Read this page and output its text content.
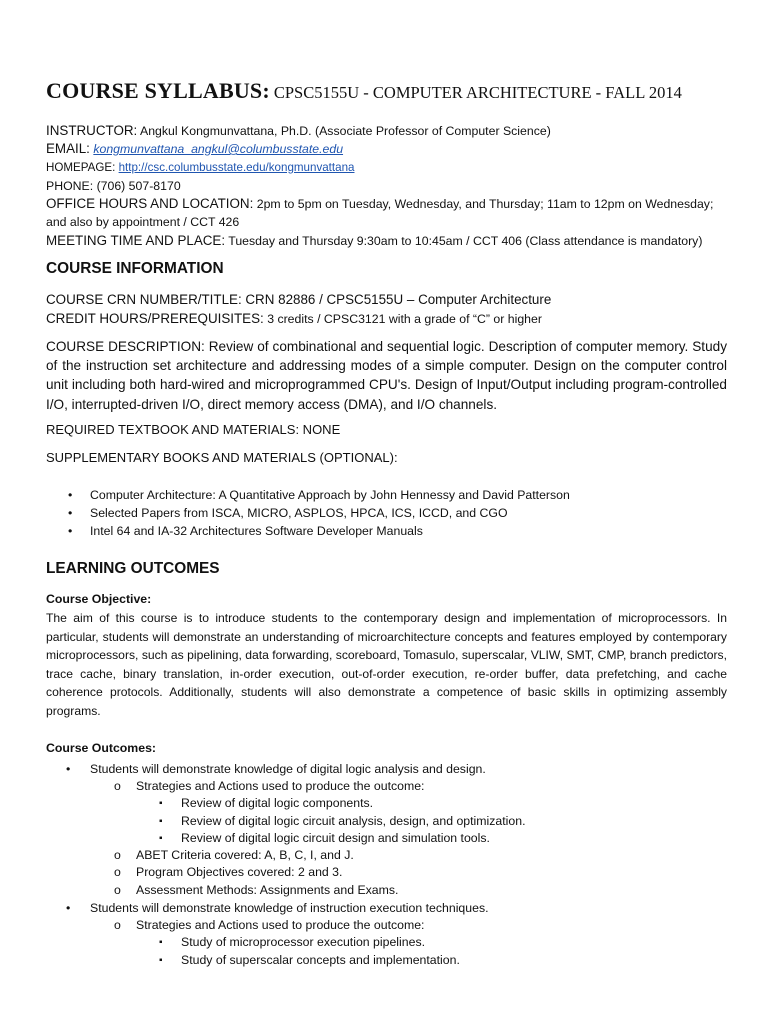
COURSE SYLLABUS: CPSC5155U - COMPUTER ARCHITECTURE - FALL 2014
INSTRUCTOR: Angkul Kongmunvattana, Ph.D. (Associate Professor of Computer Science)
EMAIL: kongmunvattana_angkul@columbusstate.edu
HOMEPAGE: http://csc.columbusstate.edu/kongmunvattana
PHONE: (706) 507-8170
OFFICE HOURS AND LOCATION: 2pm to 5pm on Tuesday, Wednesday, and Thursday; 11am to 12pm on Wednesday;
and also by appointment / CCT 426
MEETING TIME AND PLACE: Tuesday and Thursday 9:30am to 10:45am / CCT 406 (Class attendance is mandatory)
COURSE INFORMATION
COURSE CRN NUMBER/TITLE: CRN 82886 / CPSC5155U – Computer Architecture
CREDIT HOURS/PREREQUISITES: 3 credits / CPSC3121 with a grade of “C” or higher
COURSE DESCRIPTION: Review of combinational and sequential logic. Description of computer memory. Study of the instruction set architecture and addressing modes of a simple computer. Design on the computer control unit including both hard-wired and microprogrammed CPU's. Design of Input/Output including program-controlled I/O, interrupted-driven I/O, direct memory access (DMA), and I/O channels.
REQUIRED TEXTBOOK AND MATERIALS: NONE
SUPPLEMENTARY BOOKS AND MATERIALS (OPTIONAL):
• Computer Architecture: A Quantitative Approach by John Hennessy and David Patterson
• Selected Papers from ISCA, MICRO, ASPLOS, HPCA, ICS, ICCD, and CGO
• Intel 64 and IA-32 Architectures Software Developer Manuals
LEARNING OUTCOMES
Course Objective:
The aim of this course is to introduce students to the contemporary design and implementation of microprocessors. In particular, students will demonstrate an understanding of microarchitecture concepts and features employed by contemporary microprocessors, such as pipelining, data forwarding, scoreboard, Tomasulo, superscalar, VLIW, SMT, CMP, branch predictors, trace cache, binary translation, in-order execution, out-of-order execution, re-order buffer, data prefetching, and cache coherence protocols. Additionally, students will also demonstrate a competence of basic skills in optimizing assembly programs.
Course Outcomes:
• Students will demonstrate knowledge of digital logic analysis and design.
o Strategies and Actions used to produce the outcome:
▪ Review of digital logic components.
▪ Review of digital logic circuit analysis, design, and optimization.
▪ Review of digital logic circuit design and simulation tools.
o ABET Criteria covered: A, B, C, I, and J.
o Program Objectives covered: 2 and 3.
o Assessment Methods: Assignments and Exams.
• Students will demonstrate knowledge of instruction execution techniques.
o Strategies and Actions used to produce the outcome:
▪ Study of microprocessor execution pipelines.
▪ Study of superscalar concepts and implementation.
